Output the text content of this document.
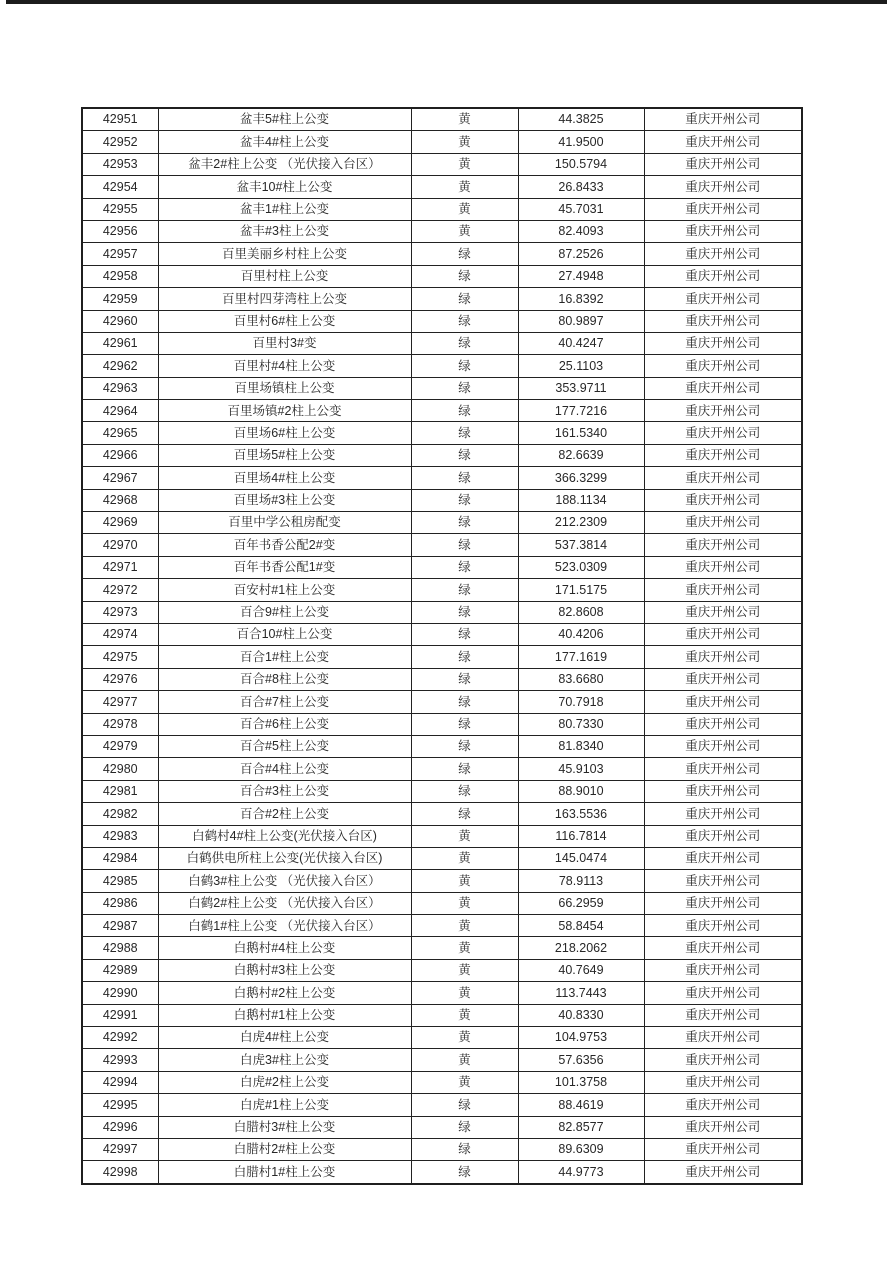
42951	盆丰5#柱上公变	黄	44.3825	重庆开州公司
42952	盆丰4#柱上公变	黄	41.9500	重庆开州公司
42953	盆丰2#柱上公变 （光伏接入台区）	黄	150.5794	重庆开州公司
42954	盆丰10#柱上公变	黄	26.8433	重庆开州公司
42955	盆丰1#柱上公变	黄	45.7031	重庆开州公司
42956	盆丰#3柱上公变	黄	82.4093	重庆开州公司
42957	百里美丽乡村柱上公变	绿	87.2526	重庆开州公司
42958	百里村柱上公变	绿	27.4948	重庆开州公司
42959	百里村四芽湾柱上公变	绿	16.8392	重庆开州公司
42960	百里村6#柱上公变	绿	80.9897	重庆开州公司
42961	百里村3#变	绿	40.4247	重庆开州公司
42962	百里村#4柱上公变	绿	25.1103	重庆开州公司
42963	百里场镇柱上公变	绿	353.9711	重庆开州公司
42964	百里场镇#2柱上公变	绿	177.7216	重庆开州公司
42965	百里场6#柱上公变	绿	161.5340	重庆开州公司
42966	百里场5#柱上公变	绿	82.6639	重庆开州公司
42967	百里场4#柱上公变	绿	366.3299	重庆开州公司
42968	百里场#3柱上公变	绿	188.1134	重庆开州公司
42969	百里中学公租房配变	绿	212.2309	重庆开州公司
42970	百年书香公配2#变	绿	537.3814	重庆开州公司
42971	百年书香公配1#变	绿	523.0309	重庆开州公司
42972	百安村#1柱上公变	绿	171.5175	重庆开州公司
42973	百合9#柱上公变	绿	82.8608	重庆开州公司
42974	百合10#柱上公变	绿	40.4206	重庆开州公司
42975	百合1#柱上公变	绿	177.1619	重庆开州公司
42976	百合#8柱上公变	绿	83.6680	重庆开州公司
42977	百合#7柱上公变	绿	70.7918	重庆开州公司
42978	百合#6柱上公变	绿	80.7330	重庆开州公司
42979	百合#5柱上公变	绿	81.8340	重庆开州公司
42980	百合#4柱上公变	绿	45.9103	重庆开州公司
42981	百合#3柱上公变	绿	88.9010	重庆开州公司
42982	百合#2柱上公变	绿	163.5536	重庆开州公司
42983	白鹤村4#柱上公变(光伏接入台区)	黄	116.7814	重庆开州公司
42984	白鹤供电所柱上公变(光伏接入台区)	黄	145.0474	重庆开州公司
42985	白鹤3#柱上公变 （光伏接入台区）	黄	78.9113	重庆开州公司
42986	白鹤2#柱上公变 （光伏接入台区）	黄	66.2959	重庆开州公司
42987	白鹤1#柱上公变 （光伏接入台区）	黄	58.8454	重庆开州公司
42988	白鹅村#4柱上公变	黄	218.2062	重庆开州公司
42989	白鹅村#3柱上公变	黄	40.7649	重庆开州公司
42990	白鹅村#2柱上公变	黄	113.7443	重庆开州公司
42991	白鹅村#1柱上公变	黄	40.8330	重庆开州公司
42992	白虎4#柱上公变	黄	104.9753	重庆开州公司
42993	白虎3#柱上公变	黄	57.6356	重庆开州公司
42994	白虎#2柱上公变	黄	101.3758	重庆开州公司
42995	白虎#1柱上公变	绿	88.4619	重庆开州公司
42996	白腊村3#柱上公变	绿	82.8577	重庆开州公司
42997	白腊村2#柱上公变	绿	89.6309	重庆开州公司
42998	白腊村1#柱上公变	绿	44.9773	重庆开州公司
